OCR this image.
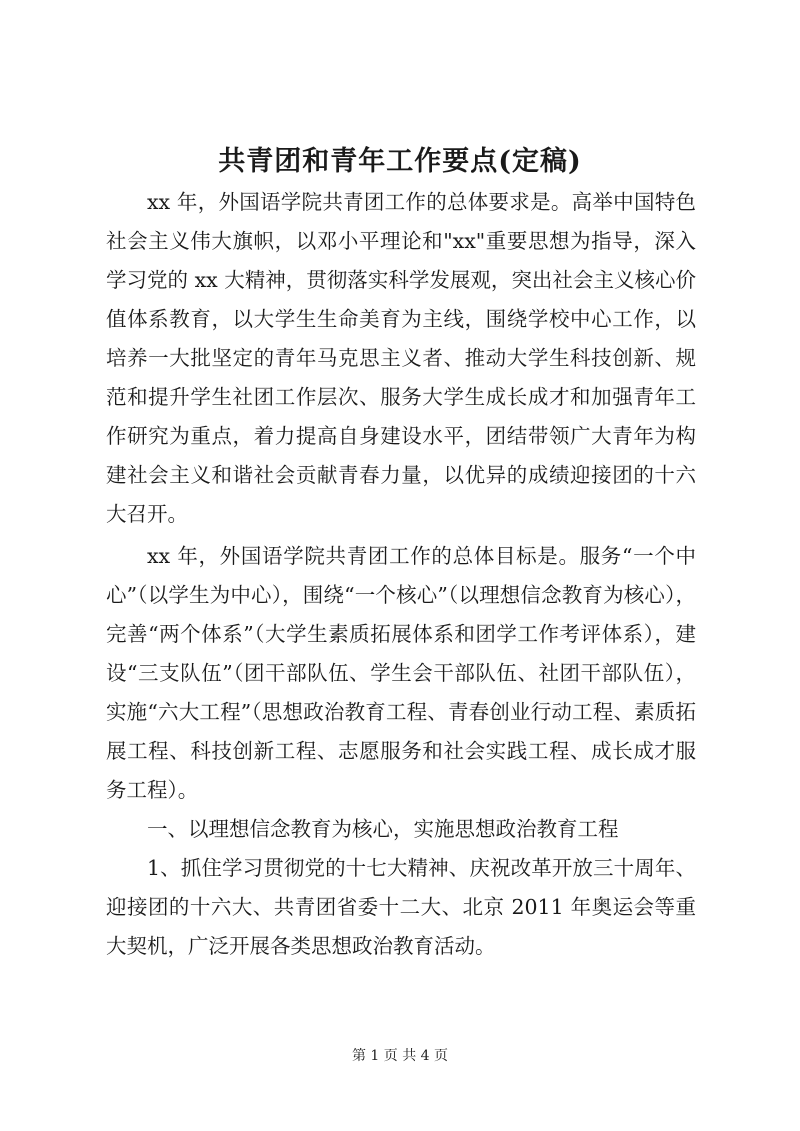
共青团和青年工作要点(定稿)

xx 年，外国语学院共青团工作的总体要求是。高举中国特色社会主义伟大旗帜，以邓小平理论和"xx"重要思想为指导，深入学习党的 xx 大精神，贯彻落实科学发展观，突出社会主义核心价值体系教育，以大学生生命美育为主线，围绕学校中心工作，以培养一大批坚定的青年马克思主义者、推动大学生科技创新、规范和提升学生社团工作层次、服务大学生成长成才和加强青年工作研究为重点，着力提高自身建设水平，团结带领广大青年为构建社会主义和谐社会贡献青春力量，以优异的成绩迎接团的十六大召开。

xx 年，外国语学院共青团工作的总体目标是。服务“一个中心”（以学生为中心），围绕“一个核心”（以理想信念教育为核心），完善“两个体系”（大学生素质拓展体系和团学工作考评体系），建设“三支队伍”（团干部队伍、学生会干部队伍、社团干部队伍），实施“六大工程”（思想政治教育工程、青春创业行动工程、素质拓展工程、科技创新工程、志愿服务和社会实践工程、成长成才服务工程）。

一、以理想信念教育为核心，实施思想政治教育工程

1、抓住学习贯彻党的十七大精神、庆祝改革开放三十周年、迎接团的十六大、共青团省委十二大、北京 2011 年奥运会等重大契机，广泛开展各类思想政治教育活动。

第 1 页 共 4 页
